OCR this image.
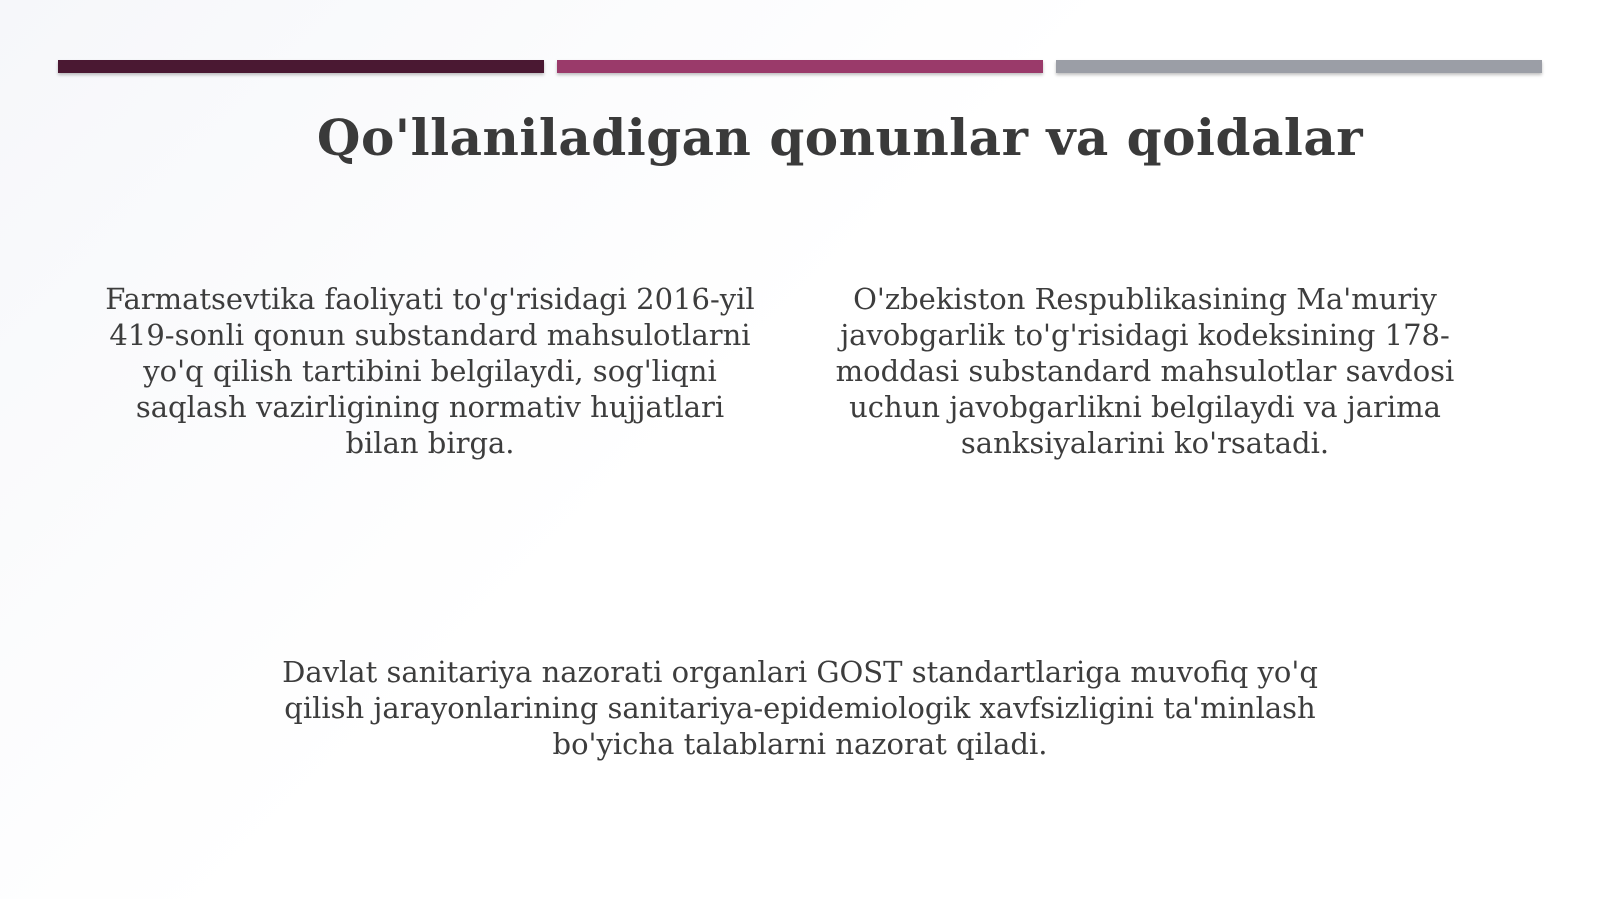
Qo'llaniladigan qonunlar va qoidalar
Farmatsevtika faoliyati to'g'risidagi 2016-yil 419-sonli qonun substandard mahsulotlarni yo'q qilish tartibini belgilaydi, sog'liqni saqlash vazirligining normativ hujjatlari bilan birga.
O'zbekiston Respublikasining Ma'muriy javobgarlik to'g'risidagi kodeksining 178-moddasi substandard mahsulotlar savdosi uchun javobgarlikni belgilaydi va jarima sanksiyalarini ko'rsatadi.
Davlat sanitariya nazorati organlari GOST standartlariga muvofiq yo'q qilish jarayonlarining sanitariya-epidemiologik xavfsizligini ta'minlash bo'yicha talablarni nazorat qiladi.
